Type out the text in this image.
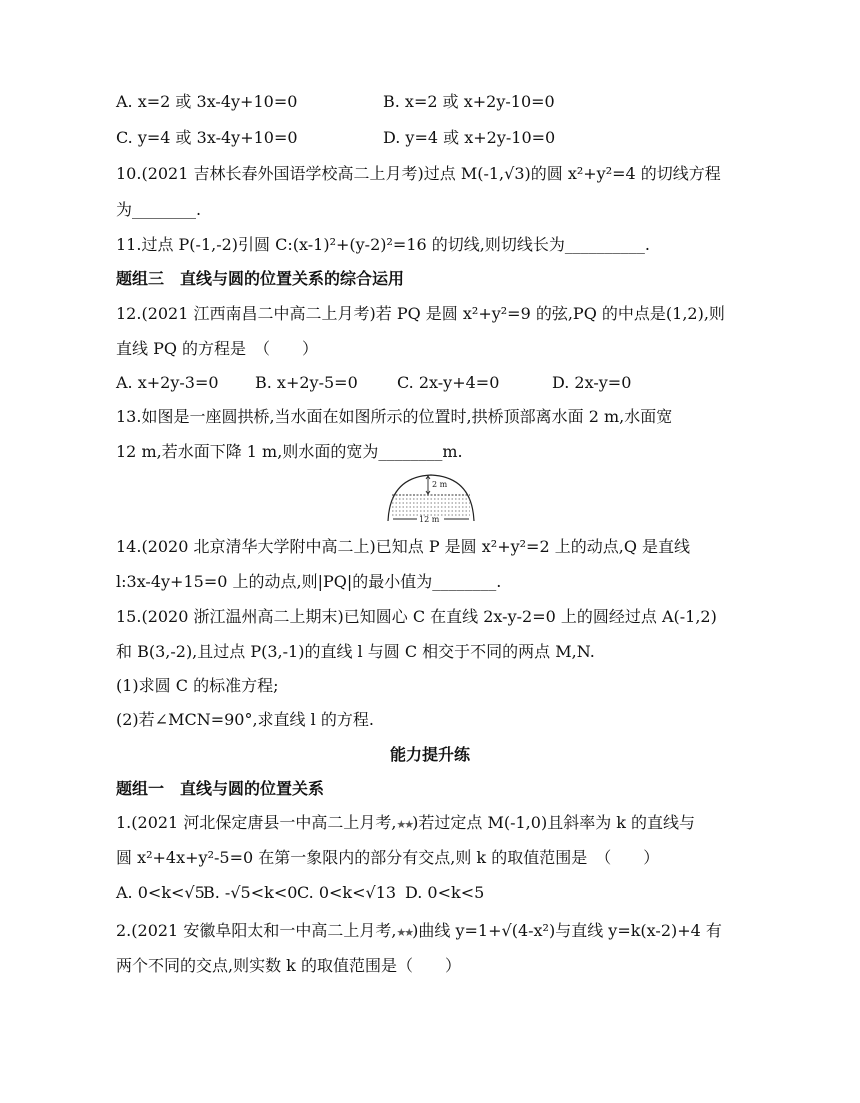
A. x=2 或 3x-4y+10=0	B. x=2 或 x+2y-10=0
C. y=4 或 3x-4y+10=0	D. y=4 或 x+2y-10=0
10.(2021 吉林长春外国语学校高二上月考)过点 M(-1,√3)的圆 x²+y²=4 的切线方程
为________.
11.过点 P(-1,-2)引圆 C:(x-1)²+(y-2)²=16 的切线,则切线长为__________.
题组三　直线与圆的位置关系的综合运用
12.(2021 江西南昌二中高二上月考)若 PQ 是圆 x²+y²=9 的弦,PQ 的中点是(1,2),则
直线 PQ 的方程是　（　　）
A. x+2y-3=0 B. x+2y-5=0 C. 2x-y+4=0	D. 2x-y=0
13.如图是一座圆拱桥,当水面在如图所示的位置时,拱桥顶部离水面 2 m,水面宽
12 m,若水面下降 1 m,则水面的宽为________m.
2 m
12 m
14.(2020 北京清华大学附中高二上)已知点 P 是圆 x²+y²=2 上的动点,Q 是直线
l:3x-4y+15=0 上的动点,则|PQ|的最小值为________.
15.(2020 浙江温州高二上期末)已知圆心 C 在直线 2x-y-2=0 上的圆经过点 A(-1,2)
和 B(3,-2),且过点 P(3,-1)的直线 l 与圆 C 相交于不同的两点 M,N.
(1)求圆 C 的标准方程;
(2)若∠MCN=90°,求直线 l 的方程.
能力提升练
题组一　直线与圆的位置关系
1.(2021 河北保定唐县一中高二上月考,★★)若过定点 M(-1,0)且斜率为 k 的直线与
圆 x²+4x+y²-5=0 在第一象限内的部分有交点,则 k 的取值范围是　（　　）
A. 0<k<√5
B. -√5<k<0 C. 0<k<√13 D. 0<k<5
2.(2021 安徽阜阳太和一中高二上月考,★★)曲线 y=1+√(4-x²)与直线 y=k(x-2)+4 有
两个不同的交点,则实数 k 的取值范围是（　　）
